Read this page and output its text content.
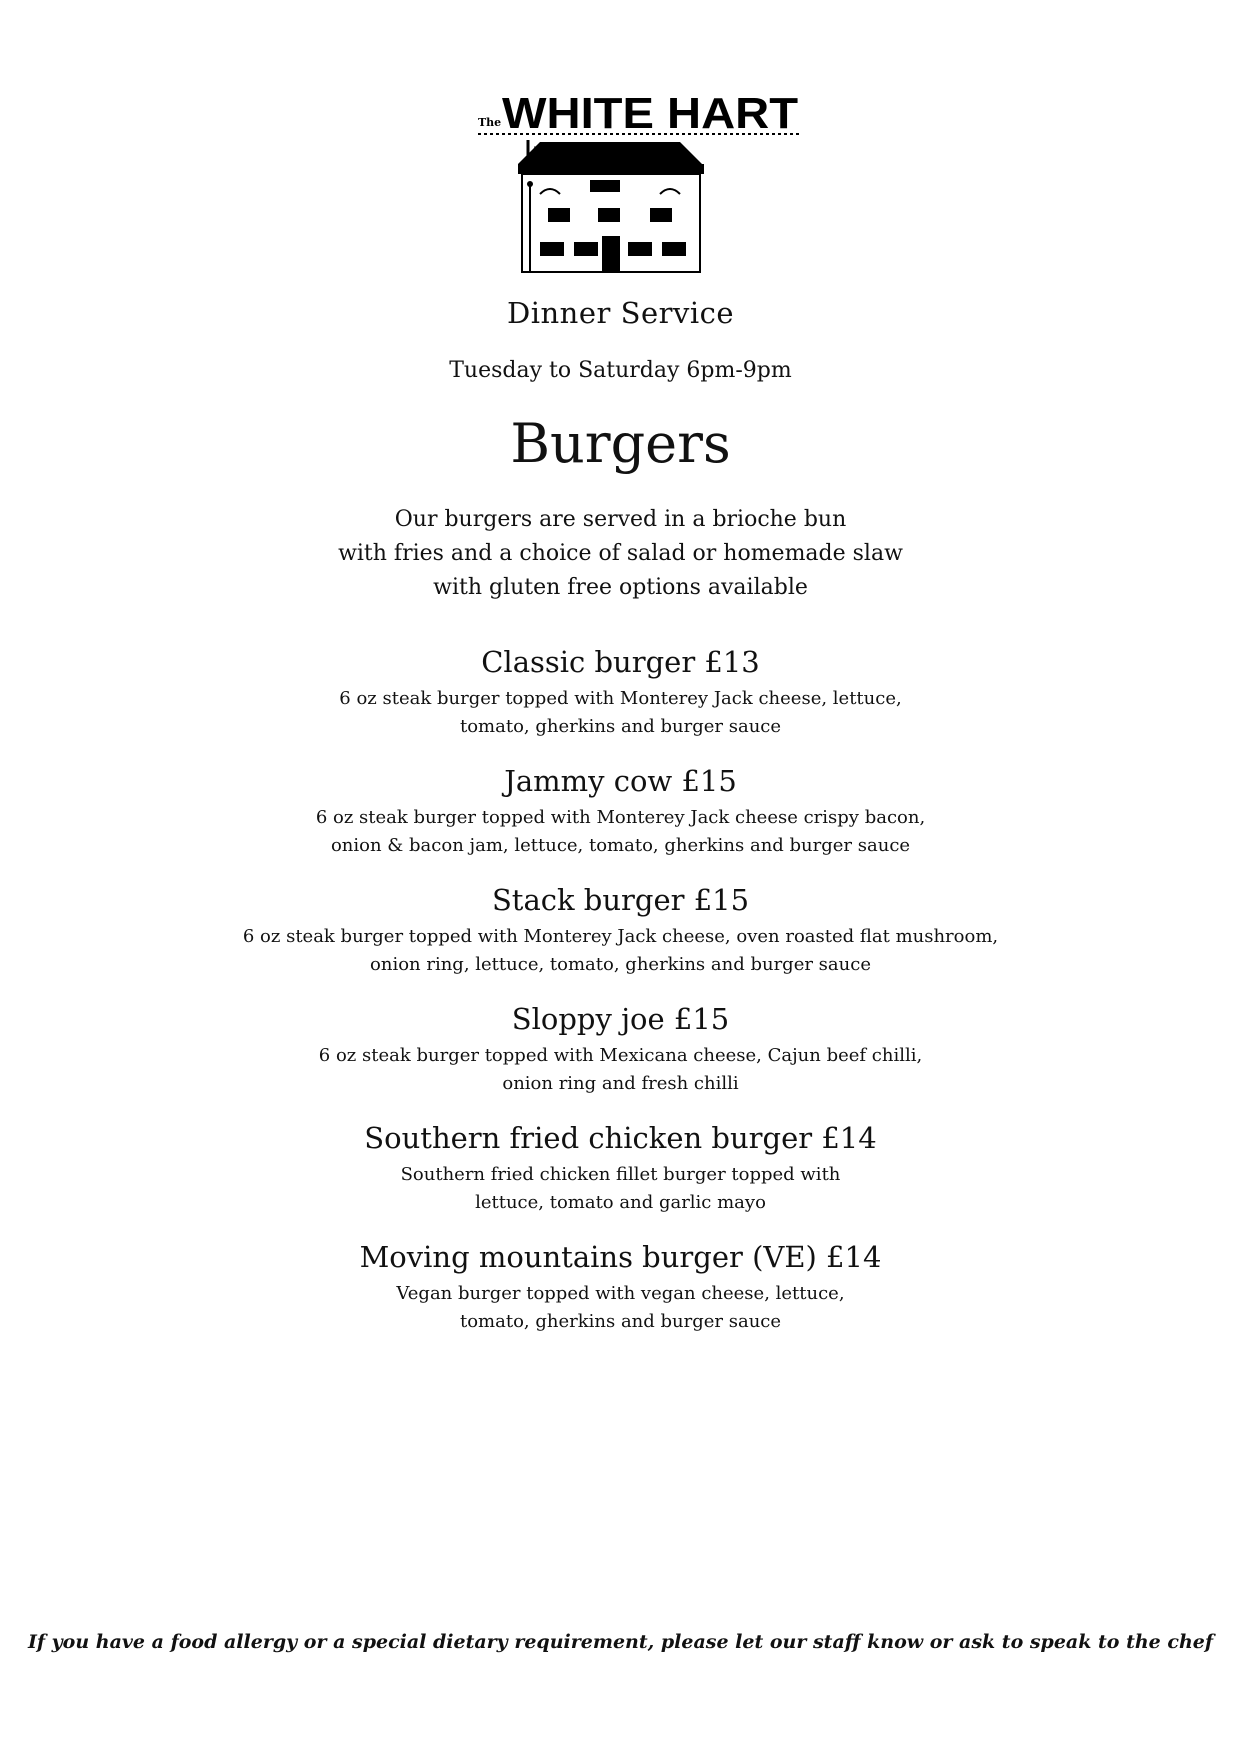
The WHITE HART
Dinner Service
Tuesday to Saturday 6pm-9pm
Burgers
Our burgers are served in a brioche bun
with fries and a choice of salad or homemade slaw
with gluten free options available
Classic burger £13
6 oz steak burger topped with Monterey Jack cheese, lettuce,
tomato, gherkins and burger sauce
Jammy cow £15
6 oz steak burger topped with Monterey Jack cheese crispy bacon,
onion & bacon jam, lettuce, tomato, gherkins and burger sauce
Stack burger £15
6 oz steak burger topped with Monterey Jack cheese, oven roasted flat mushroom,
onion ring, lettuce, tomato, gherkins and burger sauce
Sloppy joe £15
6 oz steak burger topped with Mexicana cheese, Cajun beef chilli,
onion ring and fresh chilli
Southern fried chicken burger £14
Southern fried chicken fillet burger topped with
lettuce, tomato and garlic mayo
Moving mountains burger (VE) £14
Vegan burger topped with vegan cheese, lettuce,
tomato, gherkins and burger sauce
If you have a food allergy or a special dietary requirement, please let our staff know or ask to speak to the chef
